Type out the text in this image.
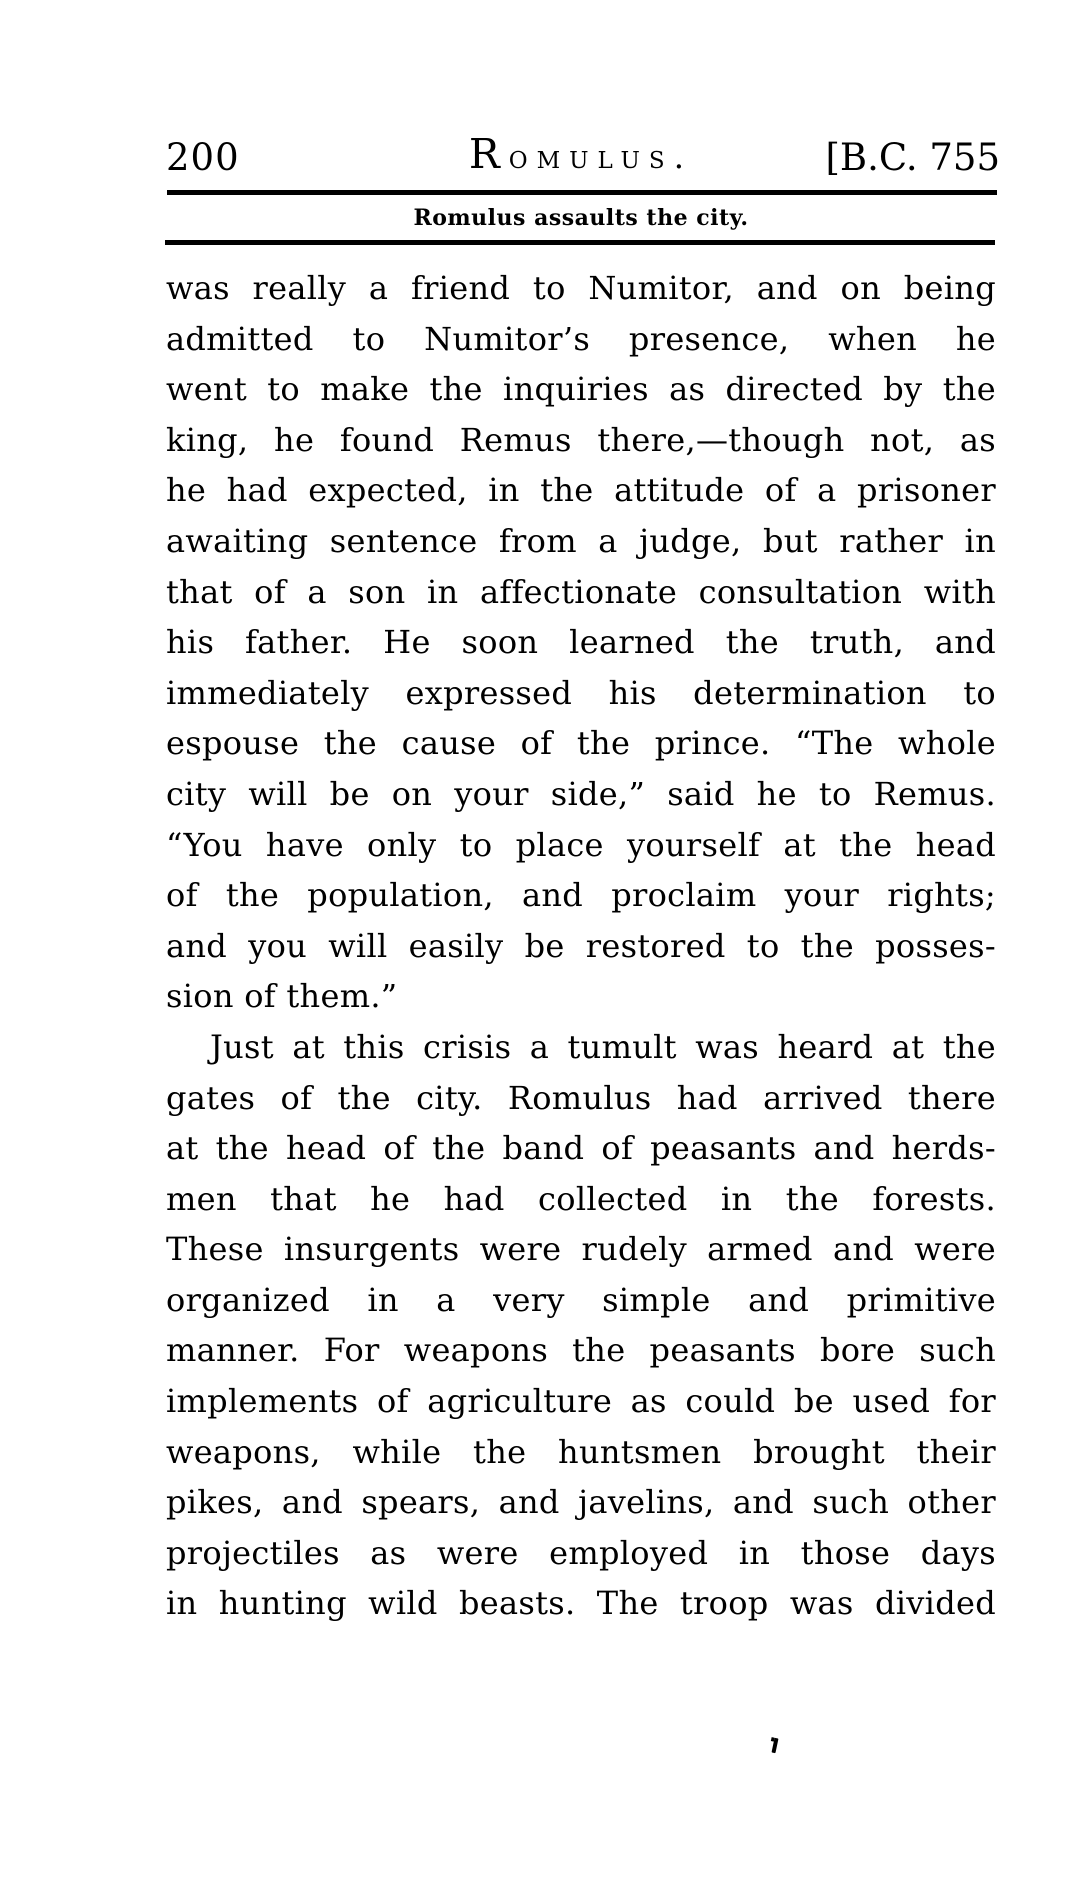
200	Romulus.	[B.C. 755
Romulus assaults the city.
was really a friend to Numitor, and on being
admitted to Numitor’s presence, when he
went to make the inquiries as directed by the
king, he found Remus there,—though not, as
he had expected, in the attitude of a prisoner
awaiting sentence from a judge, but rather in
that of a son in affectionate consultation with
his father. He soon learned the truth, and
immediately expressed his determination to
espouse the cause of the prince. “The whole
city will be on your side,” said he to Remus.
“You have only to place yourself at the head
of the population, and proclaim your rights;
and you will easily be restored to the posses-
sion of them.”
Just at this crisis a tumult was heard at the
gates of the city. Romulus had arrived there
at the head of the band of peasants and herds-
men that he had collected in the forests.
These insurgents were rudely armed and were
organized in a very simple and primitive
manner. For weapons the peasants bore such
implements of agriculture as could be used for
weapons, while the huntsmen brought their
pikes, and spears, and javelins, and such other
projectiles as were employed in those days
in hunting wild beasts. The troop was divided
